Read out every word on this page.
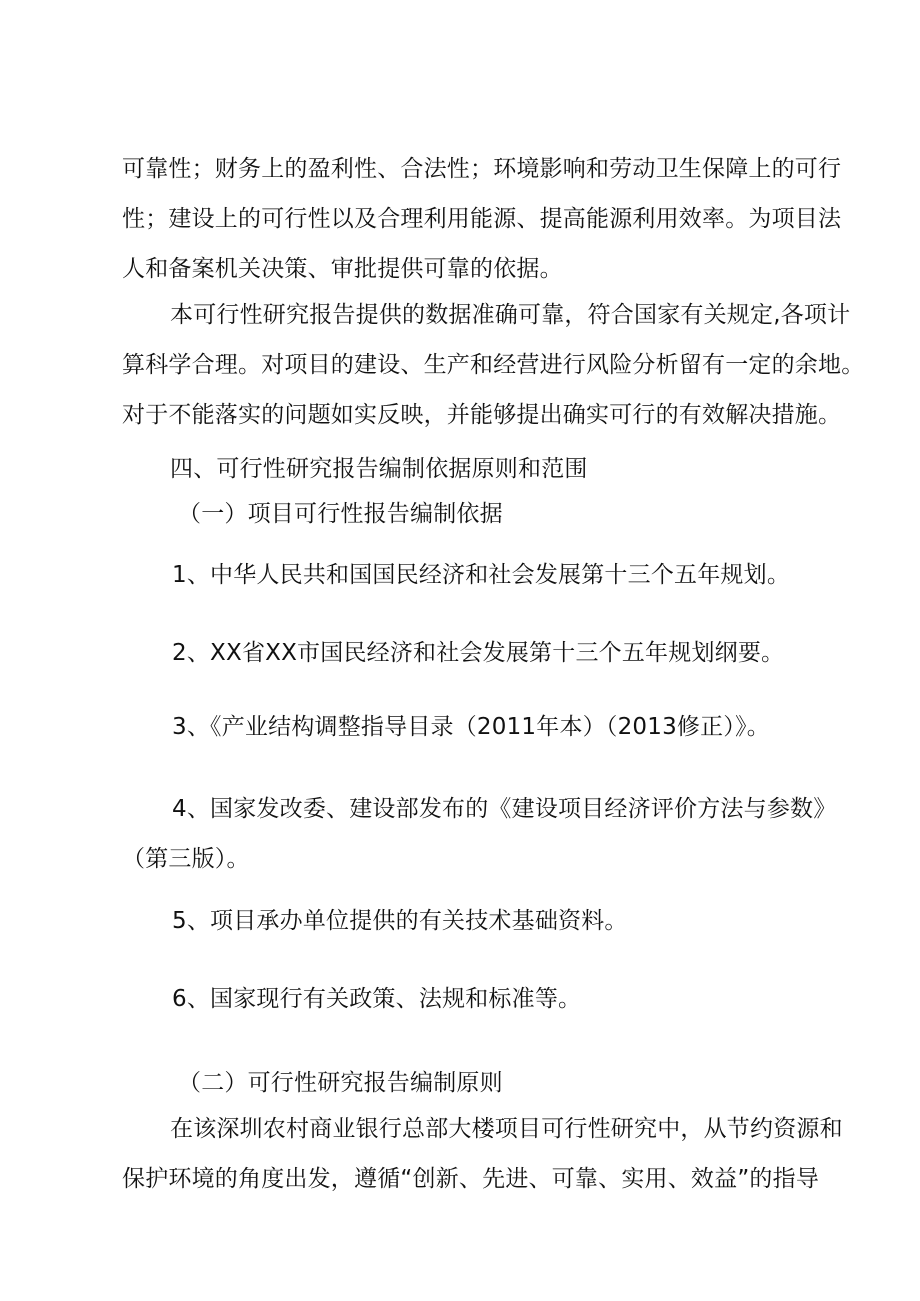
可靠性；财务上的盈利性、合法性；环境影响和劳动卫生保障上的可行
性；建设上的可行性以及合理利用能源、提高能源利用效率。为项目法
人和备案机关决策、审批提供可靠的依据。
本可行性研究报告提供的数据准确可靠，符合国家有关规定,各项计
算科学合理。对项目的建设、生产和经营进行风险分析留有一定的余地。
对于不能落实的问题如实反映，并能够提出确实可行的有效解决措施。
四、可行性研究报告编制依据原则和范围
（一）项目可行性报告编制依据
1、中华人民共和国国民经济和社会发展第十三个五年规划。
2、XX省XX市国民经济和社会发展第十三个五年规划纲要。
3、《产业结构调整指导目录（2011年本）（2013修正）》。
4、国家发改委、建设部发布的《建设项目经济评价方法与参数》
（第三版）。
5、项目承办单位提供的有关技术基础资料。
6、国家现行有关政策、法规和标准等。
（二）可行性研究报告编制原则
在该深圳农村商业银行总部大楼项目可行性研究中，从节约资源和
保护环境的角度出发，遵循“创新、先进、可靠、实用、效益”的指导
